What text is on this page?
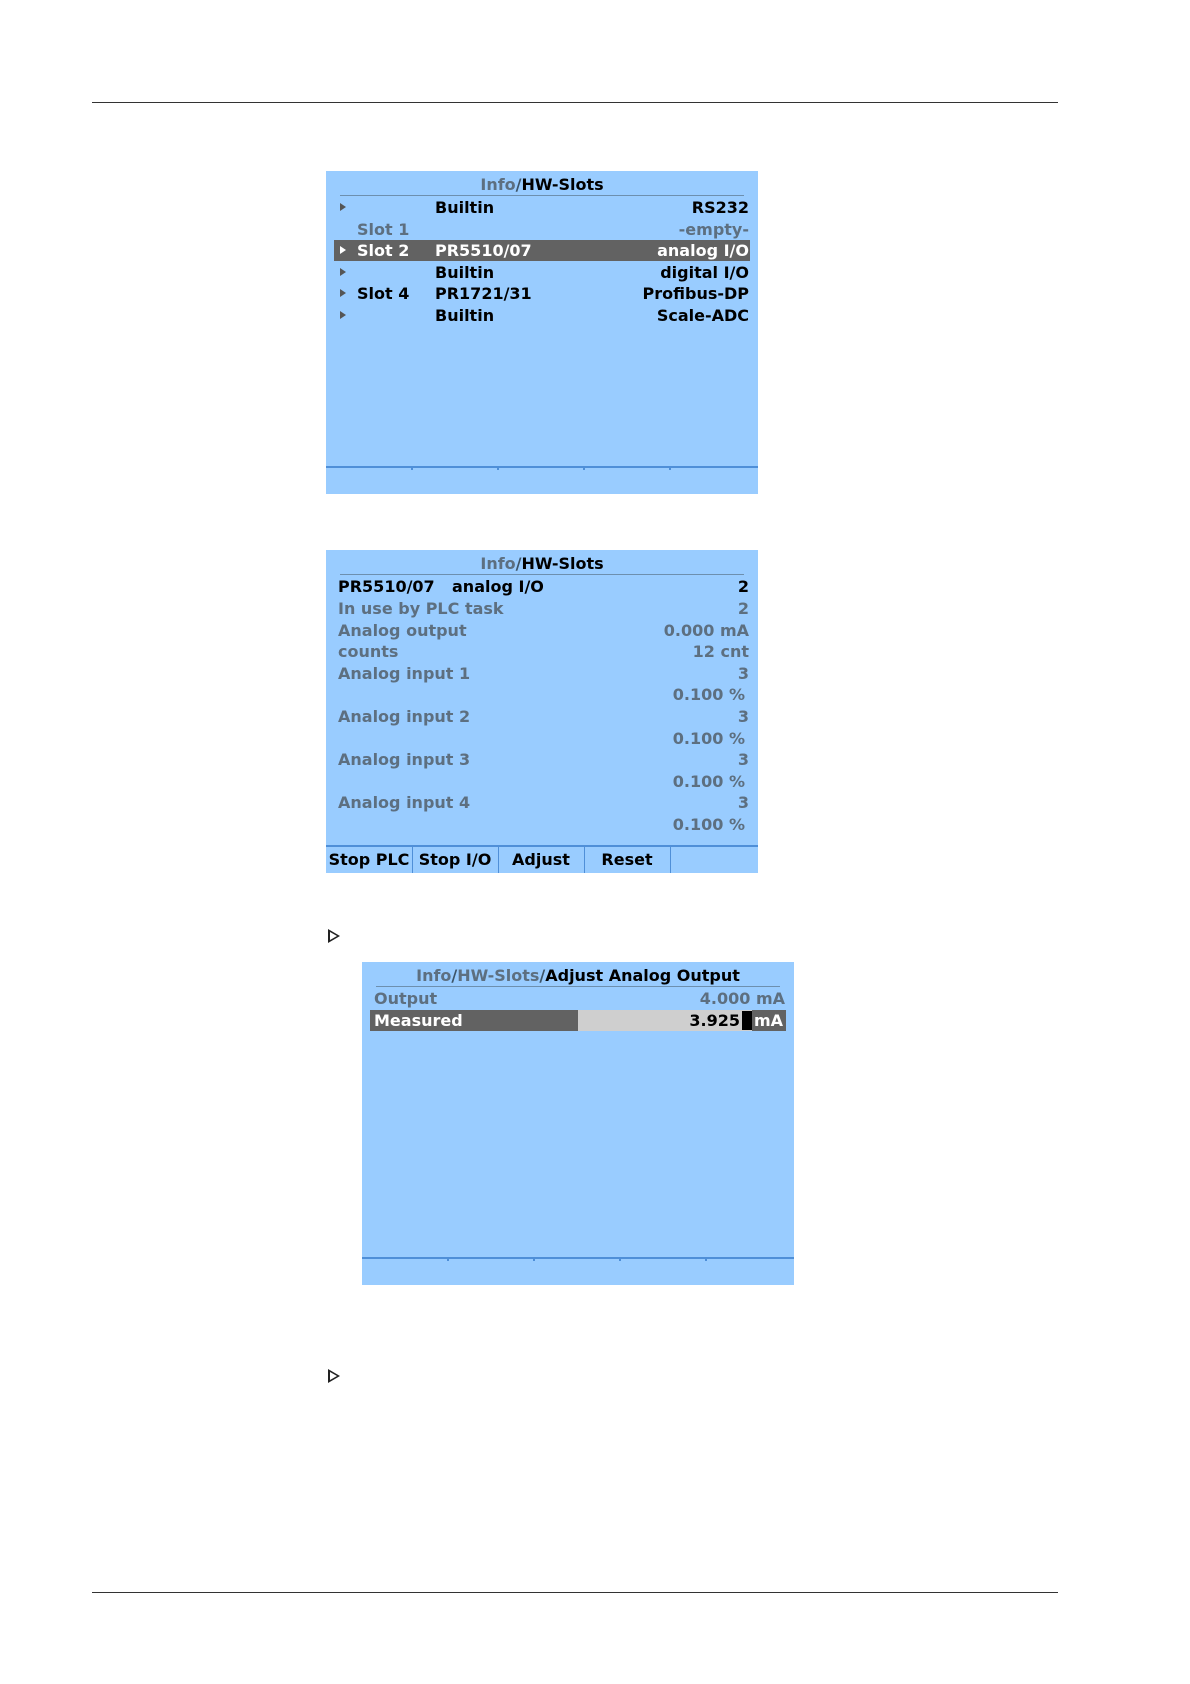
Info/HW-Slots
Builtin	RS232
Slot 1	-empty-
Slot 2 PR5510/07	analog I/O
Builtin	digital I/O
Slot 4 PR1721/31	Profibus-DP
Builtin	Scale-ADC
Info/HW-Slots
PR5510/07 analog I/O	2
In use by PLC task	2
Analog output	0.000 mA
counts	12 cnt
Analog input 1	3
0.100 %
Analog input 2	3
0.100 %
Analog input 3	3
0.100 %
Analog input 4	3
0.100 %
Stop PLC Stop I/O	Adjust	Reset
Info/HW-Slots/Adjust Analog Output
Output	4.000 mA
Measured	3.925 mA
